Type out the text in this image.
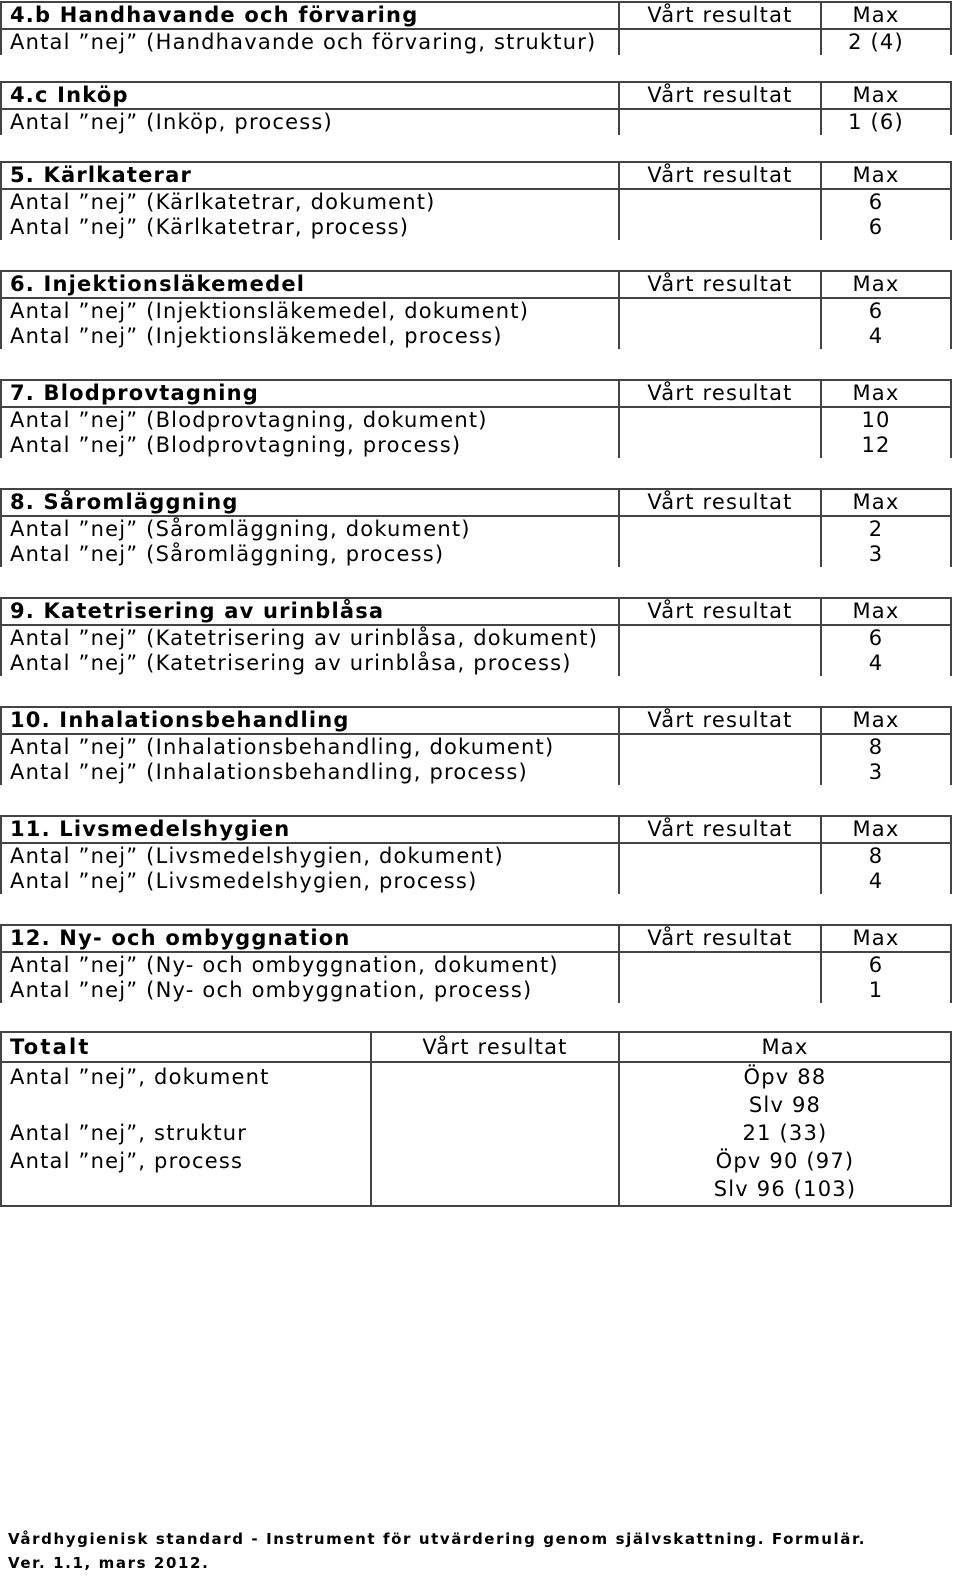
4.b Handhavande och förvaring	Vårt resultat	Max
Antal ”nej” (Handhavande och förvaring, struktur)		2 (4)
4.c Inköp	Vårt resultat	Max
Antal ”nej” (Inköp, process)		1 (6)
5. Kärlkaterar	Vårt resultat	Max
Antal ”nej” (Kärlkatetrar, dokument)		6
Antal ”nej” (Kärlkatetrar, process)		6
6. Injektionsläkemedel	Vårt resultat	Max
Antal ”nej” (Injektionsläkemedel, dokument)		6
Antal ”nej” (Injektionsläkemedel, process)		4
7. Blodprovtagning	Vårt resultat	Max
Antal ”nej” (Blodprovtagning, dokument)		10
Antal ”nej” (Blodprovtagning, process)		12
8. Såromläggning	Vårt resultat	Max
Antal ”nej” (Såromläggning, dokument)		2
Antal ”nej” (Såromläggning, process)		3
9. Katetrisering av urinblåsa	Vårt resultat	Max
Antal ”nej” (Katetrisering av urinblåsa, dokument)		6
Antal ”nej” (Katetrisering av urinblåsa, process)		4
10. Inhalationsbehandling	Vårt resultat	Max
Antal ”nej” (Inhalationsbehandling, dokument)		8
Antal ”nej” (Inhalationsbehandling, process)		3
11. Livsmedelshygien	Vårt resultat	Max
Antal ”nej” (Livsmedelshygien, dokument)		8
Antal ”nej” (Livsmedelshygien, process)		4
12. Ny- och ombyggnation	Vårt resultat	Max
Antal ”nej” (Ny- och ombyggnation, dokument)		6
Antal ”nej” (Ny- och ombyggnation, process)		1
Totalt	Vårt resultat	Max
Antal ”nej”, dokument		Öpv 88
Slv 98

Antal ”nej”, struktur		21 (33)
Antal ”nej”, process		Öpv 90 (97)
Slv 96 (103)
Vårdhygienisk standard - Instrument för utvärdering genom självskattning. Formulär.
Ver. 1.1, mars 2012.
